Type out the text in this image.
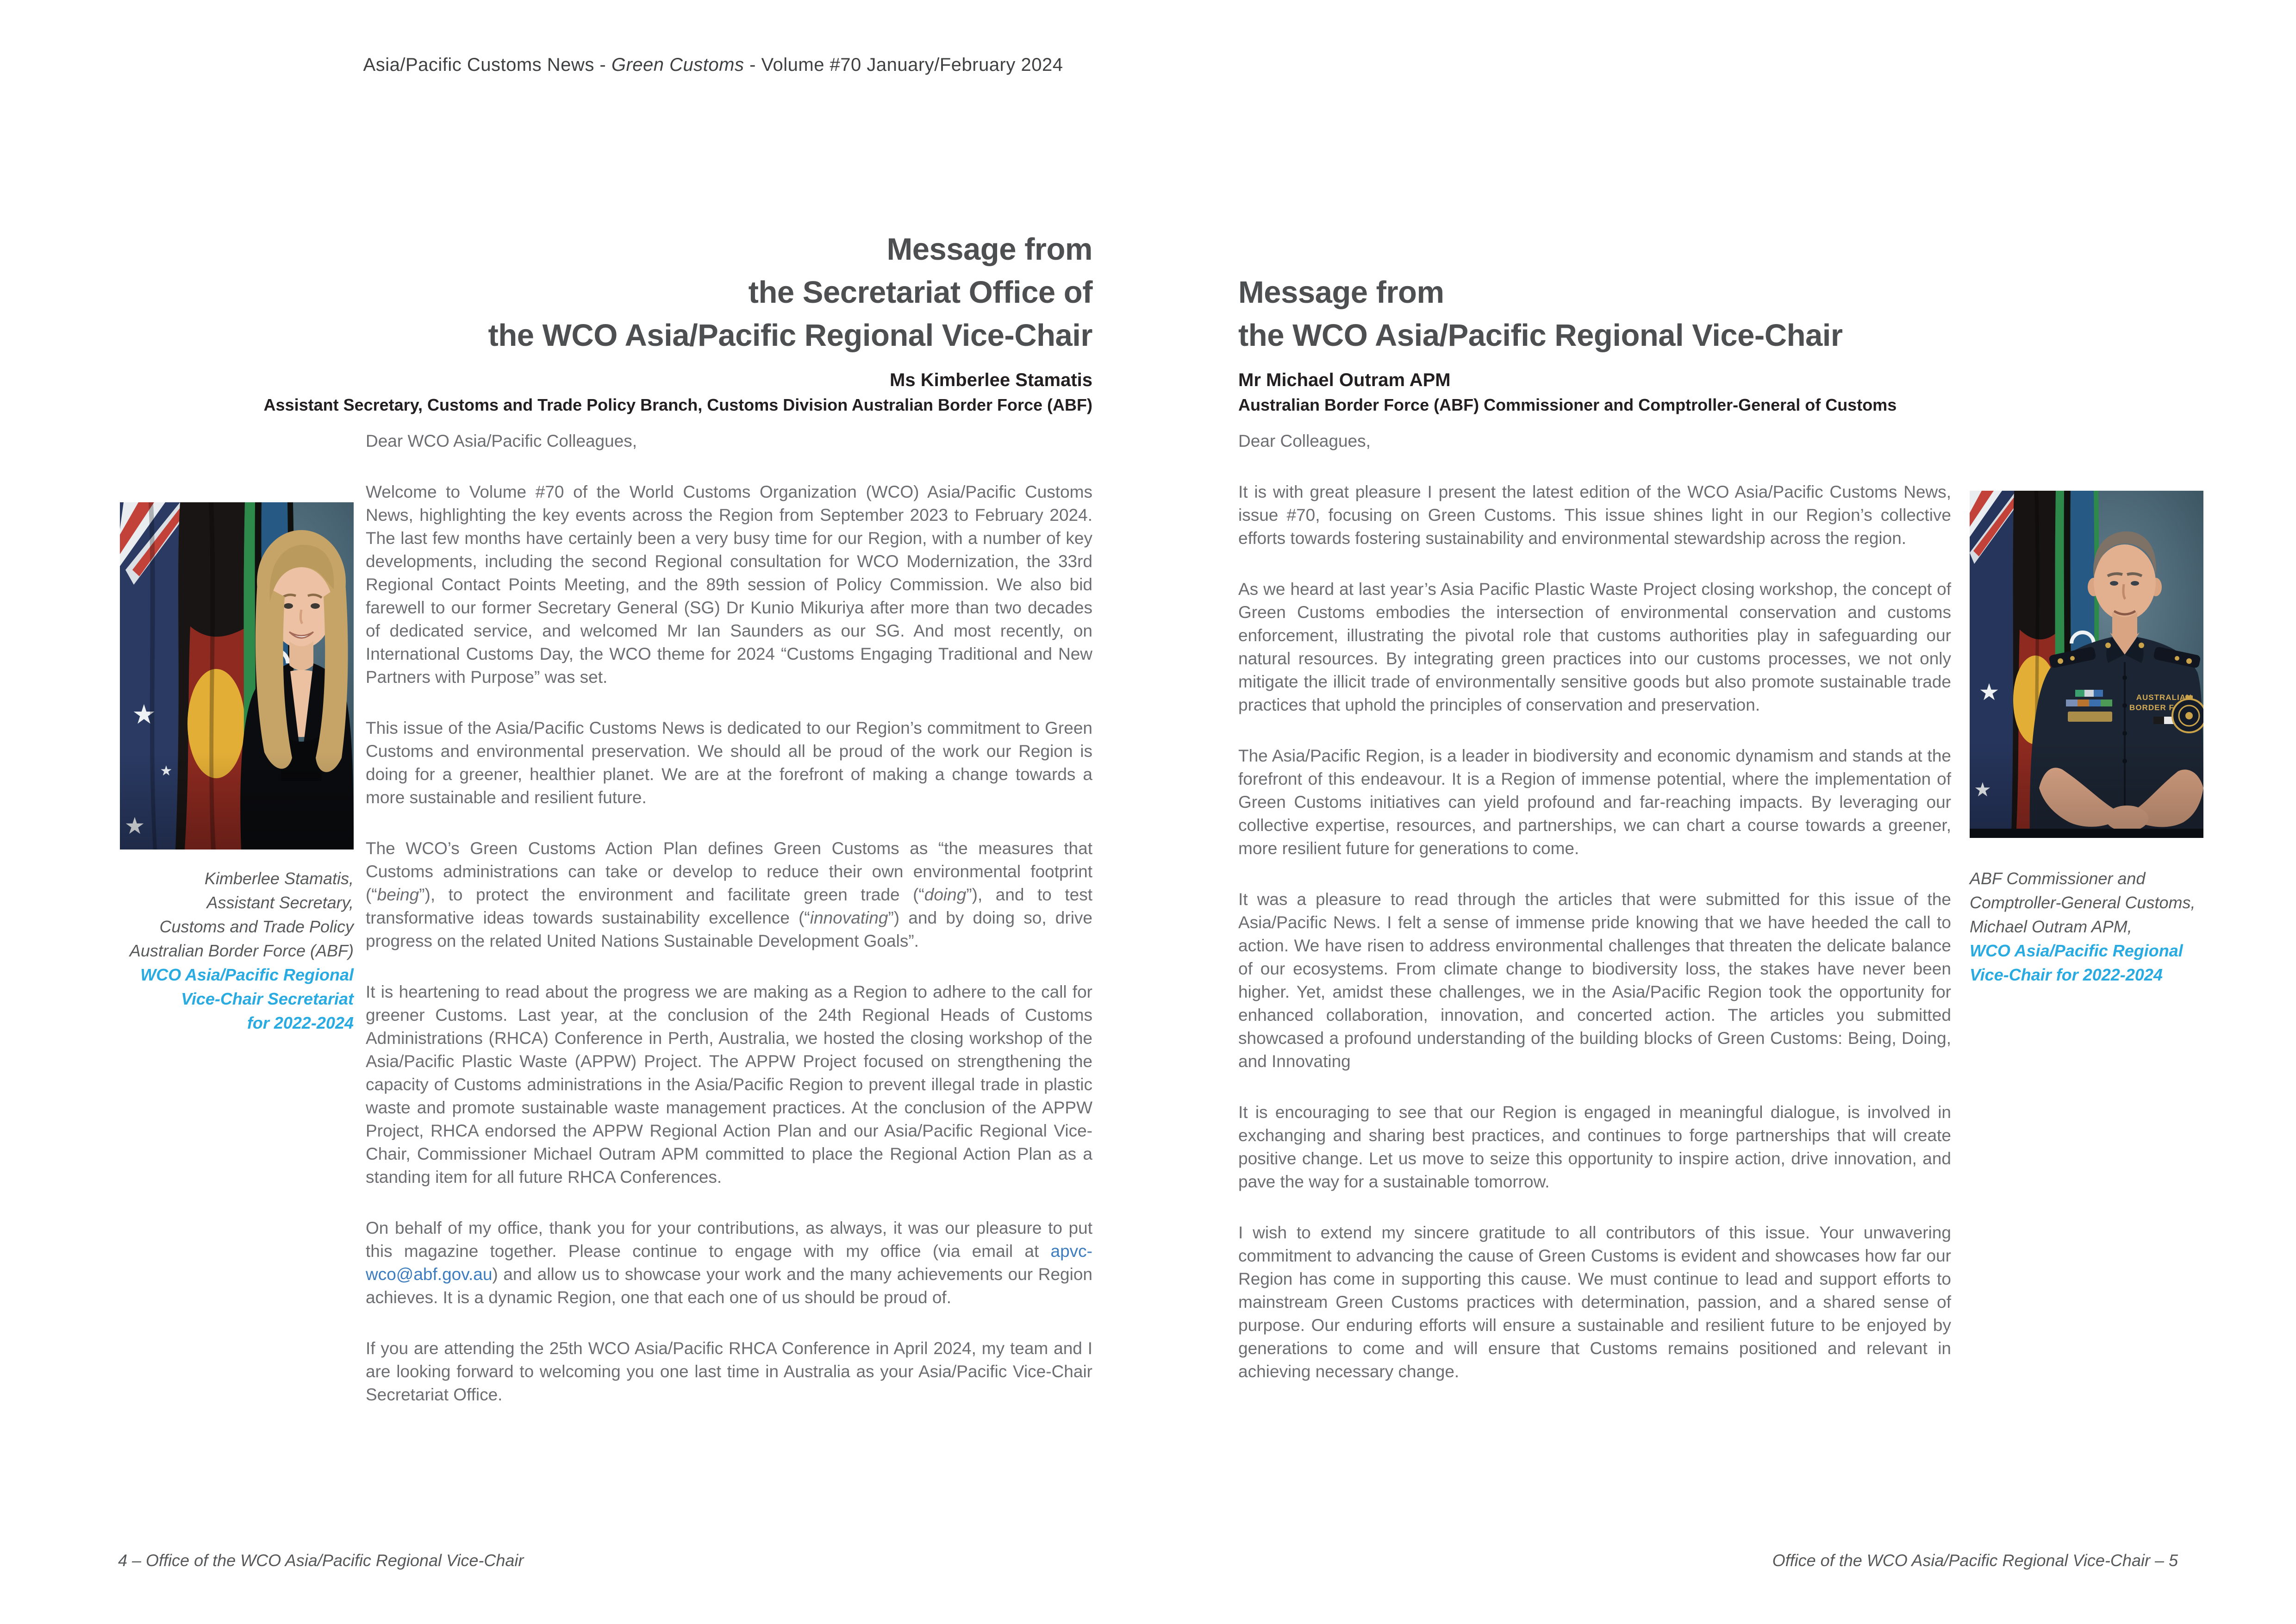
Asia/Pacific Customs News - Green Customs - Volume #70 January/February 2024

Message from
the Secretariat Office of
the WCO Asia/Pacific Regional Vice-Chair

Ms Kimberlee Stamatis

Assistant Secretary, Customs and Trade Policy Branch, Customs Division Australian Border Force (ABF)

Kimberlee Stamatis,
Assistant Secretary,
Customs and Trade Policy
Australian Border Force (ABF)
WCO Asia/Pacific Regional
Vice-Chair Secretariat
for 2022-2024

Dear WCO Asia/Pacific Colleagues,

Welcome to Volume #70 of the World Customs Organization (WCO) Asia/Pacific Customs News, highlighting the key events across the Region from September 2023 to February 2024. The last few months have certainly been a very busy time for our Region, with a number of key developments, including the second Regional consultation for WCO Modernization, the 33rd Regional Contact Points Meeting, and the 89th session of Policy Commission. We also bid farewell to our former Secretary General (SG) Dr Kunio Mikuriya after more than two decades of dedicated service, and welcomed Mr Ian Saunders as our SG. And most recently, on International Customs Day, the WCO theme for 2024 “Customs Engaging Traditional and New Partners with Purpose” was set.

This issue of the Asia/Pacific Customs News is dedicated to our Region’s commitment to Green Customs and environmental preservation. We should all be proud of the work our Region is doing for a greener, healthier planet. We are at the forefront of making a change towards a more sustainable and resilient future.

The WCO’s Green Customs Action Plan defines Green Customs as “the measures that Customs administrations can take or develop to reduce their own environmental footprint (“being”), to protect the environment and facilitate green trade (“doing”), and to test transformative ideas towards sustainability excellence (“innovating”) and by doing so, drive progress on the related United Nations Sustainable Development Goals”.

It is heartening to read about the progress we are making as a Region to adhere to the call for greener Customs. Last year, at the conclusion of the 24th Regional Heads of Customs Administrations (RHCA) Conference in Perth, Australia, we hosted the closing workshop of the Asia/Pacific Plastic Waste (APPW) Project. The APPW Project focused on strengthening the capacity of Customs administrations in the Asia/Pacific Region to prevent illegal trade in plastic waste and promote sustainable waste management practices. At the conclusion of the APPW Project, RHCA endorsed the APPW Regional Action Plan and our Asia/Pacific Regional Vice-Chair, Commissioner Michael Outram APM committed to place the Regional Action Plan as a standing item for all future RHCA Conferences.

On behalf of my office, thank you for your contributions, as always, it was our pleasure to put this magazine together. Please continue to engage with my office (via email at apvc-wco@abf.gov.au) and allow us to showcase your work and the many achievements our Region achieves. It is a dynamic Region, one that each one of us should be proud of.

If you are attending the 25th WCO Asia/Pacific RHCA Conference in April 2024, my team and I are looking forward to welcoming you one last time in Australia as your Asia/Pacific Vice-Chair Secretariat Office.

4 – Office of the WCO Asia/Pacific Regional Vice-Chair

Message from
the WCO Asia/Pacific Regional Vice-Chair

Mr Michael Outram APM

Australian Border Force (ABF) Commissioner and Comptroller-General of Customs

Dear Colleagues,

It is with great pleasure I present the latest edition of the WCO Asia/Pacific Customs News, issue #70, focusing on Green Customs. This issue shines light in our Region’s collective efforts towards fostering sustainability and environmental stewardship across the region.

As we heard at last year’s Asia Pacific Plastic Waste Project closing workshop, the concept of Green Customs embodies the intersection of environmental conservation and customs enforcement, illustrating the pivotal role that customs authorities play in safeguarding our natural resources. By integrating green practices into our customs processes, we not only mitigate the illicit trade of environmentally sensitive goods but also promote sustainable trade practices that uphold the principles of conservation and preservation.

The Asia/Pacific Region, is a leader in biodiversity and economic dynamism and stands at the forefront of this endeavour. It is a Region of immense potential, where the implementation of Green Customs initiatives can yield profound and far-reaching impacts. By leveraging our collective expertise, resources, and partnerships, we can chart a course towards a greener, more resilient future for generations to come.

It was a pleasure to read through the articles that were submitted for this issue of the Asia/Pacific News. I felt a sense of immense pride knowing that we have heeded the call to action. We have risen to address environmental challenges that threaten the delicate balance of our ecosystems. From climate change to biodiversity loss, the stakes have never been higher. Yet, amidst these challenges, we in the Asia/Pacific Region took the opportunity for enhanced collaboration, innovation, and concerted action. The articles you submitted showcased a profound understanding of the building blocks of Green Customs: Being, Doing, and Innovating

It is encouraging to see that our Region is engaged in meaningful dialogue, is involved in exchanging and sharing best practices, and continues to forge partnerships that will create positive change. Let us move to seize this opportunity to inspire action, drive innovation, and pave the way for a sustainable tomorrow.

I wish to extend my sincere gratitude to all contributors of this issue. Your unwavering commitment to advancing the cause of Green Customs is evident and showcases how far our Region has come in supporting this cause. We must continue to lead and support efforts to mainstream Green Customs practices with determination, passion, and a shared sense of purpose. Our enduring efforts will ensure a sustainable and resilient future to be enjoyed by generations to come and will ensure that Customs remains positioned and relevant in achieving necessary change.

ABF Commissioner and
Comptroller-General Customs,
Michael Outram APM,
WCO Asia/Pacific Regional
Vice-Chair for 2022-2024

Office of the WCO Asia/Pacific Regional Vice-Chair – 5
